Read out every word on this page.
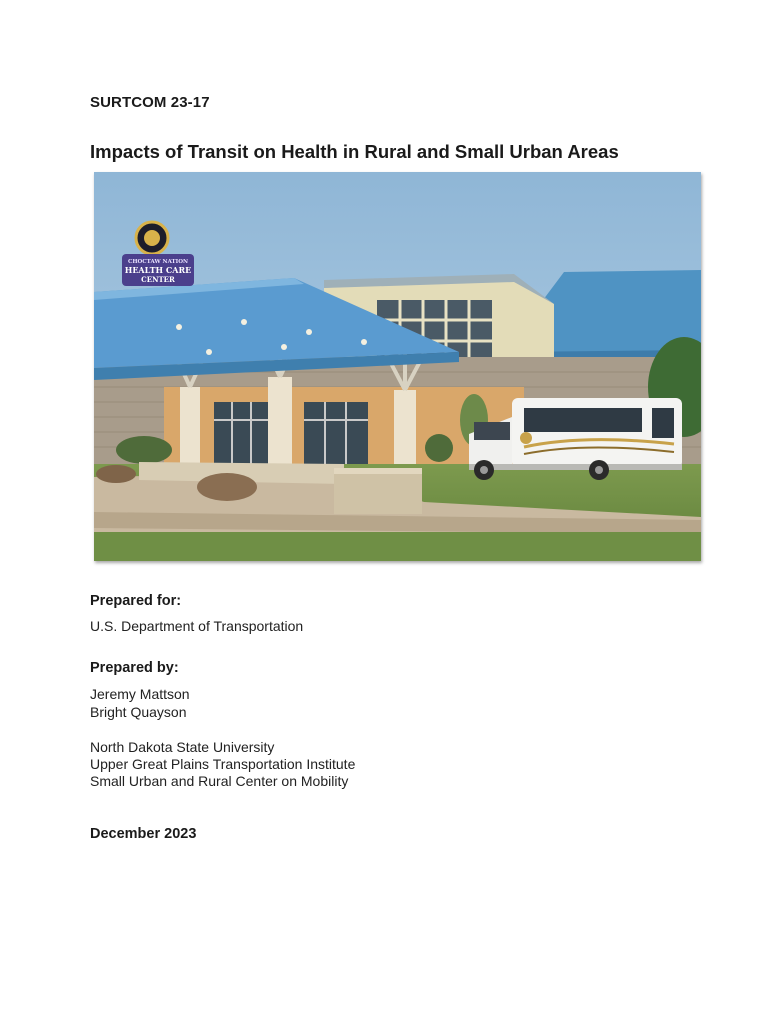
SURTCOM 23-17
Impacts of Transit on Health in Rural and Small Urban Areas
CHOCTAW NATION
HEALTH CARE
CENTER
Prepared for:
U.S. Department of Transportation
Prepared by:
Jeremy Mattson
Bright Quayson
North Dakota State University
Upper Great Plains Transportation Institute
Small Urban and Rural Center on Mobility
December 2023
